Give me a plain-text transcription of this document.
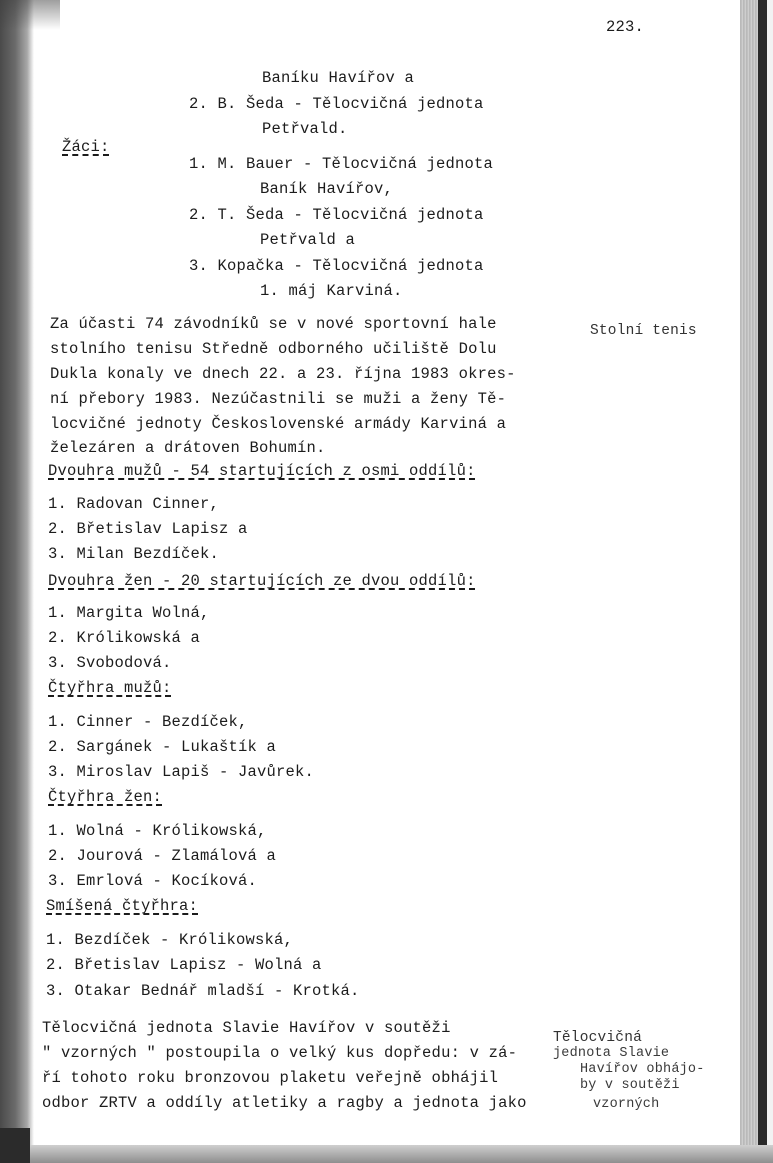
223.
Baníku Havířov a
2. B. Šeda - Tělocvičná jednota
Petřvald.
Žáci:
1. M. Bauer - Tělocvičná jednota
Baník Havířov,
2. T. Šeda - Tělocvičná jednota
Petřvald a
3. Kopačka - Tělocvičná jednota
1. máj Karviná.
Stolní tenis
Za účasti 74 závodníků se v nové sportovní hale
stolního tenisu Středně odborného učiliště Dolu
Dukla konaly ve dnech 22. a 23. října 1983 okres-
ní přebory 1983. Nezúčastnili se muži a ženy Tě-
locvičné jednoty Československé armády Karviná a
železáren a drátoven Bohumín.
Dvouhra mužů - 54 startujících z osmi oddílů:
1. Radovan Cinner,
2. Břetislav Lapisz a
3. Milan Bezdíček.
Dvouhra žen - 20 startujících ze dvou oddílů:
1. Margita Wolná,
2. Królikowská a
3. Svobodová.
Čtyřhra mužů:
1. Cinner - Bezdíček,
2. Sargánek - Lukaštík a
3. Miroslav Lapiš - Javůrek.
Čtyřhra žen:
1. Wolná - Królikowská,
2. Jourová - Zlamálová a
3. Emrlová - Kocíková.
Smíšená čtyřhra:
1. Bezdíček - Królikowská,
2. Břetislav Lapisz - Wolná a
3. Otakar Bednář mladší - Krotká.
Tělocvičná jednota Slavie Havířov v soutěži
" vzorných " postoupila o velký kus dopředu: v zá-
ří tohoto roku bronzovou plaketu veřejně obhájil
odbor ZRTV a oddíly atletiky a ragby a jednota jako
Tělocvičná
jednota Slavie
Havířov obhájo-
by v soutěži
vzorných
